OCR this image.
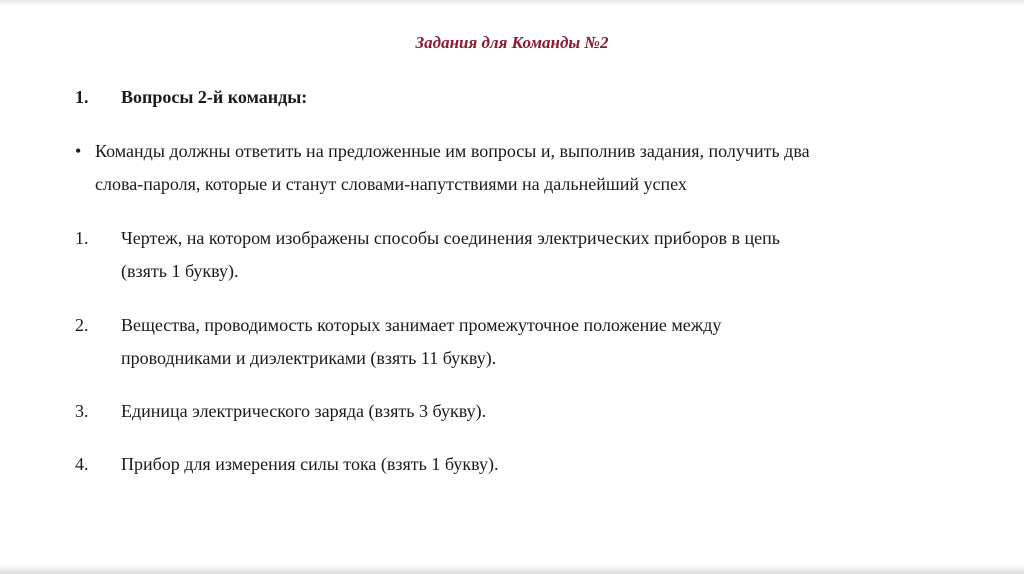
Задания для Команды №2
1. Вопросы 2-й команды:
• Команды должны ответить на предложенные им вопросы и, выполнив задания, получить два
слова-пароля, которые и станут словами-напутствиями на дальнейший успех
1. Чертеж, на котором изображены способы соединения электрических приборов в цепь
(взять 1 букву).
2. Вещества, проводимость которых занимает промежуточное положение между
проводниками и диэлектриками (взять 11 букву).
3. Единица электрического заряда (взять 3 букву).
4. Прибор для измерения силы тока (взять 1 букву).
